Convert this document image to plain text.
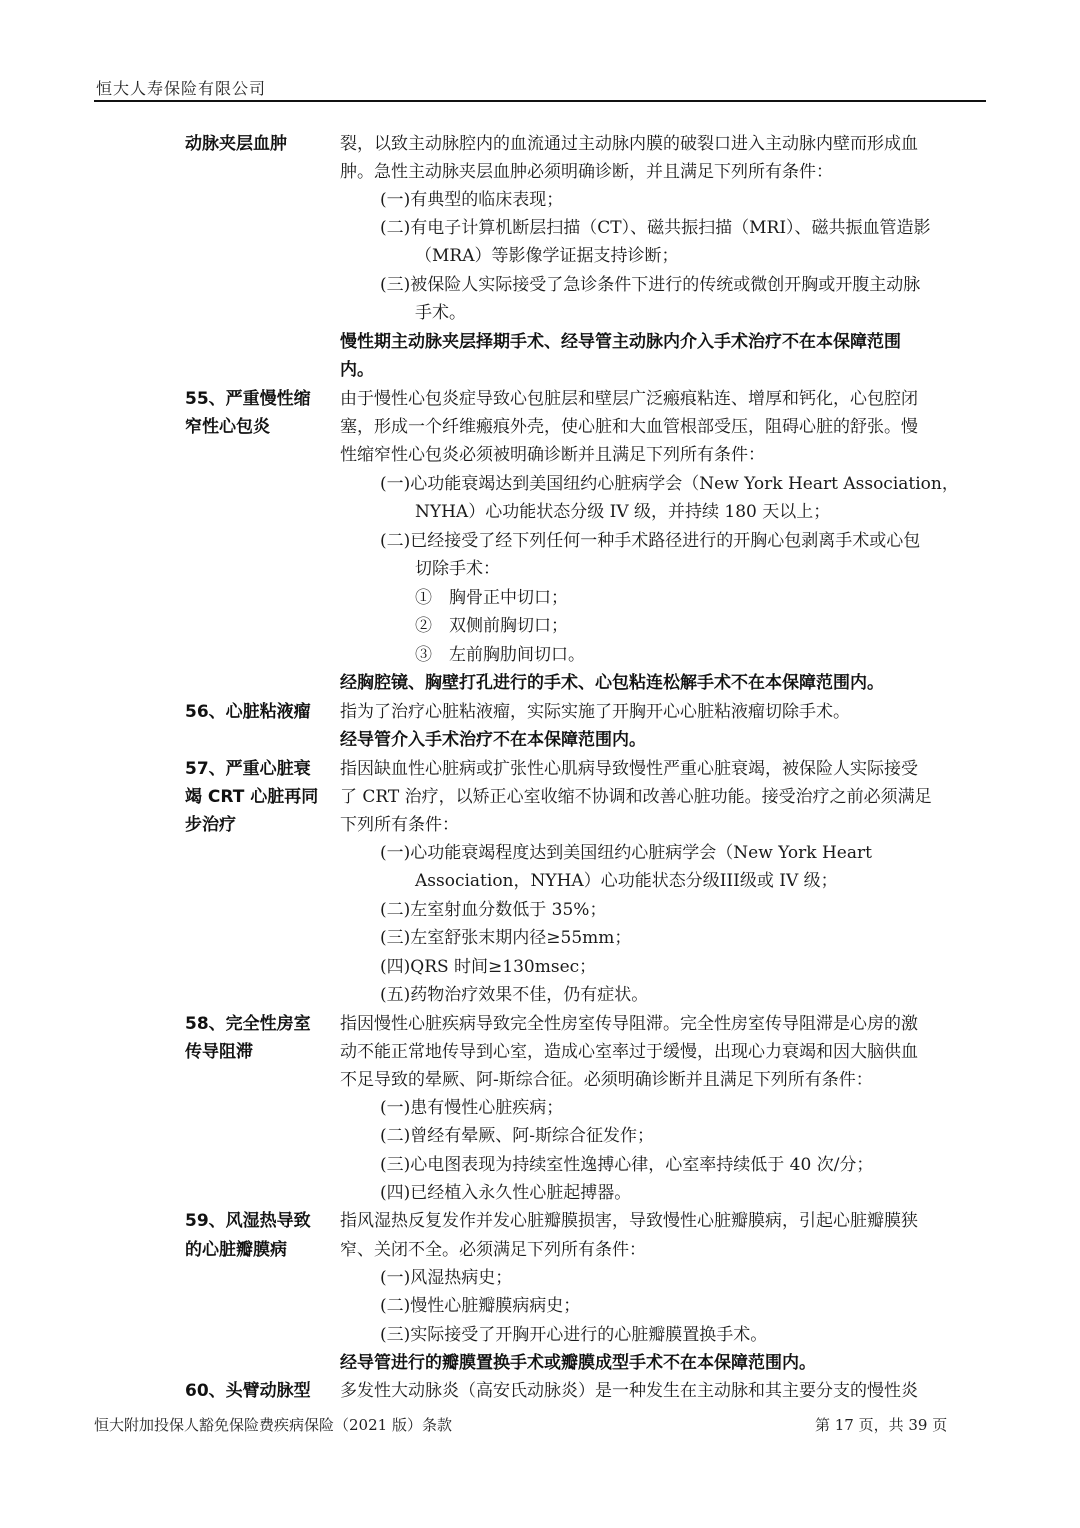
恒大人寿保险有限公司
动脉夹层血肿	裂，以致主动脉腔内的血流通过主动脉内膜的破裂口进入主动脉内壁而形成血
肿。急性主动脉夹层血肿必须明确诊断，并且满足下列所有条件：
(一)有典型的临床表现；
(二)有电子计算机断层扫描（CT）、磁共振扫描（MRI）、磁共振血管造影
（MRA）等影像学证据支持诊断；
(三)被保险人实际接受了急诊条件下进行的传统或微创开胸或开腹主动脉
手术。
慢性期主动脉夹层择期手术、经导管主动脉内介入手术治疗不在本保障范围
内。
55、严重慢性缩
窄性心包炎
由于慢性心包炎症导致心包脏层和壁层广泛瘢痕粘连、增厚和钙化，心包腔闭
塞，形成一个纤维瘢痕外壳，使心脏和大血管根部受压，阻碍心脏的舒张。慢
性缩窄性心包炎必须被明确诊断并且满足下列所有条件：
(一)心功能衰竭达到美国纽约心脏病学会（New York Heart Association，
NYHA）心功能状态分级 IV 级，并持续 180 天以上；
(二)已经接受了经下列任何一种手术路径进行的开胸心包剥离手术或心包
切除手术：
①　胸骨正中切口；
②　双侧前胸切口；
③　左前胸肋间切口。
经胸腔镜、胸壁打孔进行的手术、心包粘连松解手术不在本保障范围内。
56、心脏粘液瘤 指为了治疗心脏粘液瘤，实际实施了开胸开心心脏粘液瘤切除手术。
经导管介入手术治疗不在本保障范围内。
57、严重心脏衰
竭 CRT 心脏再同
步治疗
指因缺血性心脏病或扩张性心肌病导致慢性严重心脏衰竭，被保险人实际接受
了 CRT 治疗，以矫正心室收缩不协调和改善心脏功能。接受治疗之前必须满足
下列所有条件：
(一)心功能衰竭程度达到美国纽约心脏病学会（New York Heart
Association，NYHA）心功能状态分级III级或 IV 级；
(二)左室射血分数低于 35%；
(三)左室舒张末期内径≥55mm；
(四)QRS 时间≥130msec；
(五)药物治疗效果不佳，仍有症状。
58、完全性房室
传导阻滞
指因慢性心脏疾病导致完全性房室传导阻滞。完全性房室传导阻滞是心房的激
动不能正常地传导到心室，造成心室率过于缓慢，出现心力衰竭和因大脑供血
不足导致的晕厥、阿-斯综合征。必须明确诊断并且满足下列所有条件：
(一)患有慢性心脏疾病；
(二)曾经有晕厥、阿-斯综合征发作；
(三)心电图表现为持续室性逸搏心律，心室率持续低于 40 次/分；
(四)已经植入永久性心脏起搏器。
59、风湿热导致
的心脏瓣膜病
指风湿热反复发作并发心脏瓣膜损害，导致慢性心脏瓣膜病，引起心脏瓣膜狭
窄、关闭不全。必须满足下列所有条件：
(一)风湿热病史；
(二)慢性心脏瓣膜病病史；
(三)实际接受了开胸开心进行的心脏瓣膜置换手术。
经导管进行的瓣膜置换手术或瓣膜成型手术不在本保障范围内。
60、头臂动脉型 多发性大动脉炎（高安氏动脉炎）是一种发生在主动脉和其主要分支的慢性炎
恒大附加投保人豁免保险费疾病保险（2021 版）条款	第 17 页，共 39 页
